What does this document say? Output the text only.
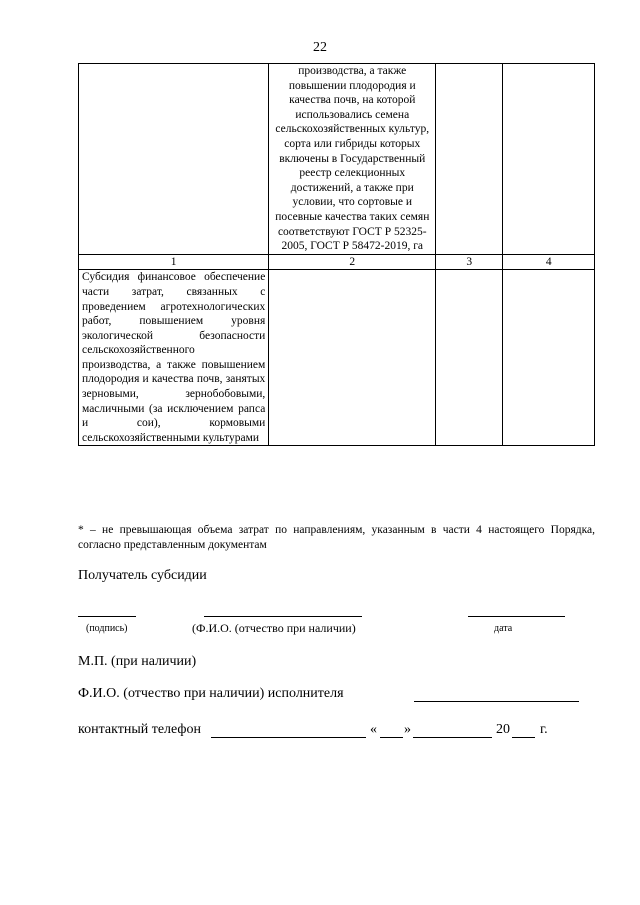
22
	производства, а также повышении плодородия и качества почв, на которой использовались семена сельскохозяйственных культур, сорта или гибриды которых включены в Государственный реестр селекционных достижений, а также при условии, что сортовые и посевные качества таких семян соответствуют ГОСТ Р 52325-2005, ГОСТ Р 58472-2019, га		
1	2	3	4
Субсидия финансовое обеспечение части затрат, связанных с проведением агротехнологических работ, повышением уровня экологической безопасности сельскохозяйственного производства, а также повышением плодородия и качества почв, занятых зерновыми, зернобобовыми, масличными (за исключением рапса и сои), кормовыми сельскохозяйственными культурами			
* – не превышающая объема затрат по направлениям, указанным в части 4 настоящего Порядка, согласно представленным документам
Получатель субсидии
(подпись)	(Ф.И.О. (отчество при наличии)	дата
М.П. (при наличии)
Ф.И.О. (отчество при наличии) исполнителя
контактный телефон	« »	20 г.
